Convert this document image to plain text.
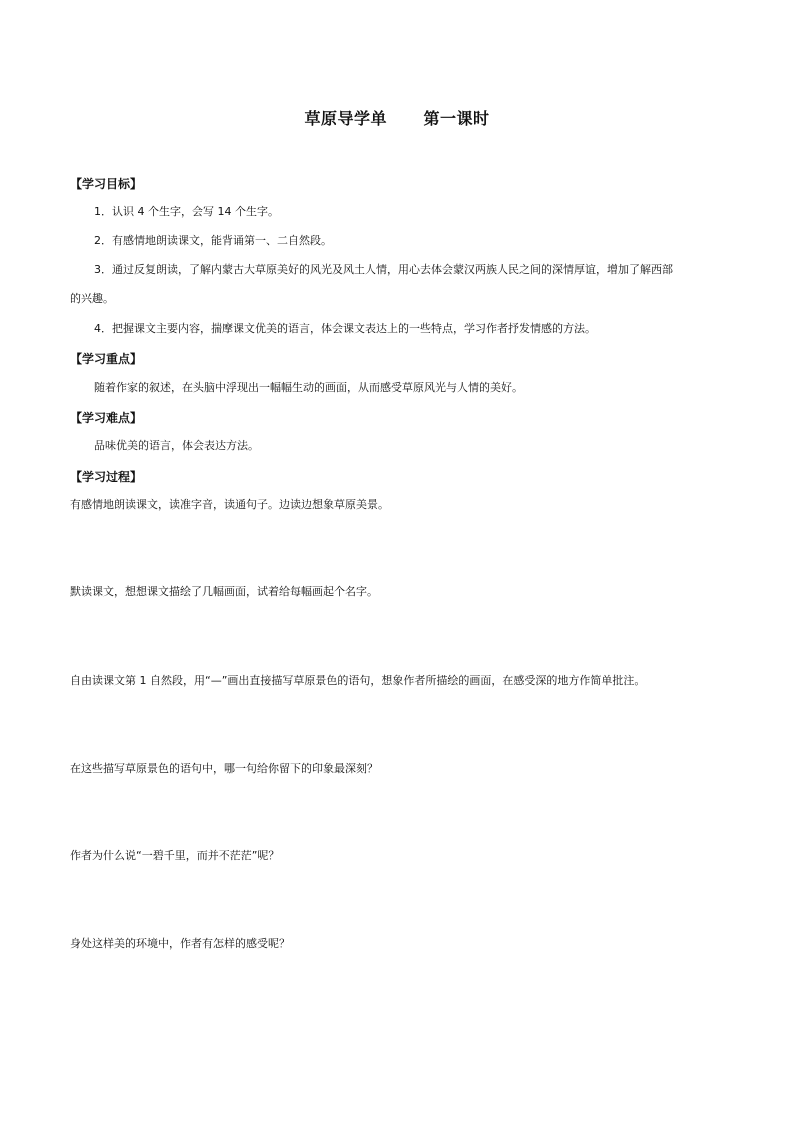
草原导学单      第一课时
【学习目标】
1．认识 4 个生字，会写 14 个生字。
2．有感情地朗读课文，能背诵第一、二自然段。
3．通过反复朗读，了解内蒙古大草原美好的风光及风土人情，用心去体会蒙汉两族人民之间的深情厚谊，增加了解西部
的兴趣。
4．把握课文主要内容，揣摩课文优美的语言，体会课文表达上的一些特点，学习作者抒发情感的方法。
【学习重点】
随着作家的叙述，在头脑中浮现出一幅幅生动的画面，从而感受草原风光与人情的美好。
【学习难点】
品味优美的语言，体会表达方法。
【学习过程】
有感情地朗读课文，读准字音，读通句子。边读边想象草原美景。
默读课文，想想课文描绘了几幅画面，试着给每幅画起个名字。
自由读课文第 1 自然段，用“—”画出直接描写草原景色的语句，想象作者所描绘的画面，在感受深的地方作简单批注。
在这些描写草原景色的语句中，哪一句给你留下的印象最深刻？
作者为什么说“一碧千里，而并不茫茫”呢？
身处这样美的环境中，作者有怎样的感受呢？
